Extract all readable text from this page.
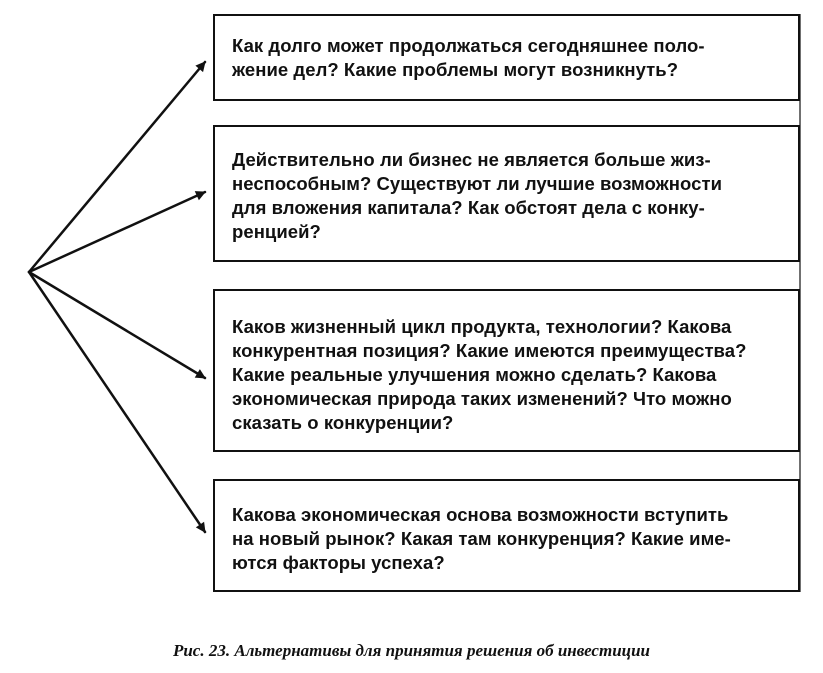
Как долго может продолжаться сегодняшнее поло-
жение дел? Какие проблемы могут возникнуть?
Действительно ли бизнес не является больше жиз-
неспособным? Существуют ли лучшие возможности
для вложения капитала? Как обстоят дела с конку-
ренцией?
Каков жизненный цикл продукта, технологии? Какова
конкурентная позиция? Какие имеются преимущества?
Какие реальные улучшения можно сделать? Какова
экономическая природа таких изменений? Что можно
сказать о конкуренции?
Какова экономическая основа возможности вступить
на новый рынок? Какая там конкуренция? Какие име-
ются факторы успеха?
Рис. 23. Альтернативы для принятия решения об инвестиции
